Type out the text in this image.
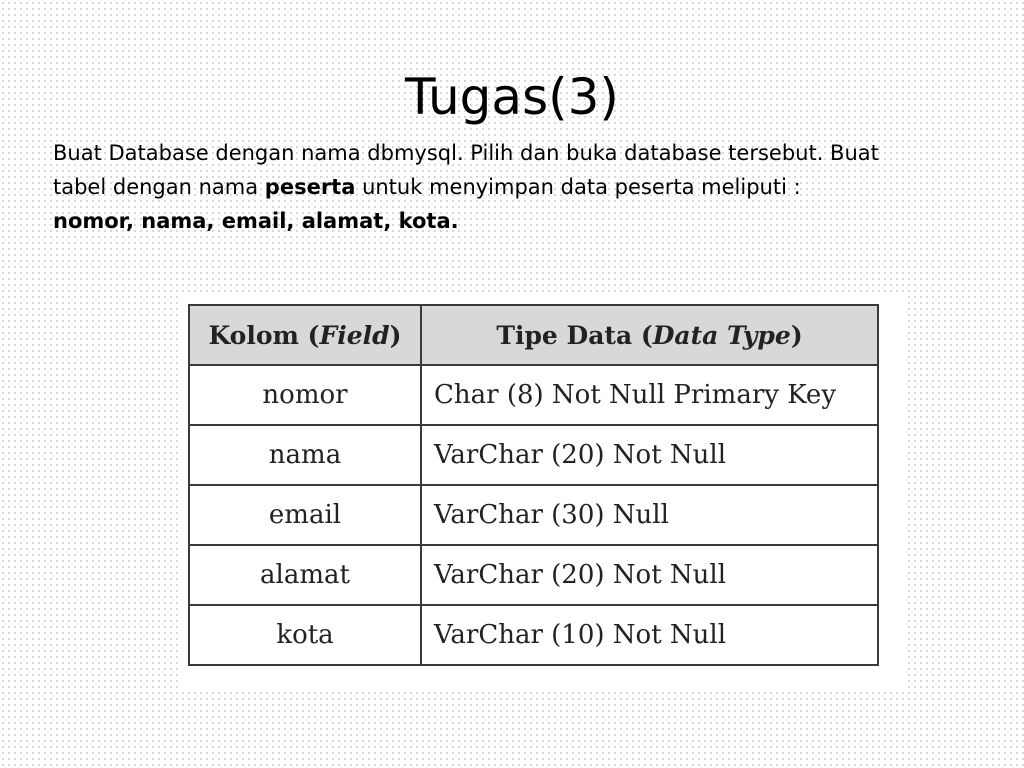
Tugas(3)

Buat Database dengan nama dbmysql. Pilih dan buka database tersebut. Buat
tabel dengan nama peserta untuk menyimpan data peserta meliputi :
nomor, nama, email, alamat, kota.

Kolom (Field)	Tipe Data (Data Type)
nomor	Char (8) Not Null Primary Key
nama	VarChar (20) Not Null
email	VarChar (30) Null
alamat	VarChar (20) Not Null
kota	VarChar (10) Not Null
